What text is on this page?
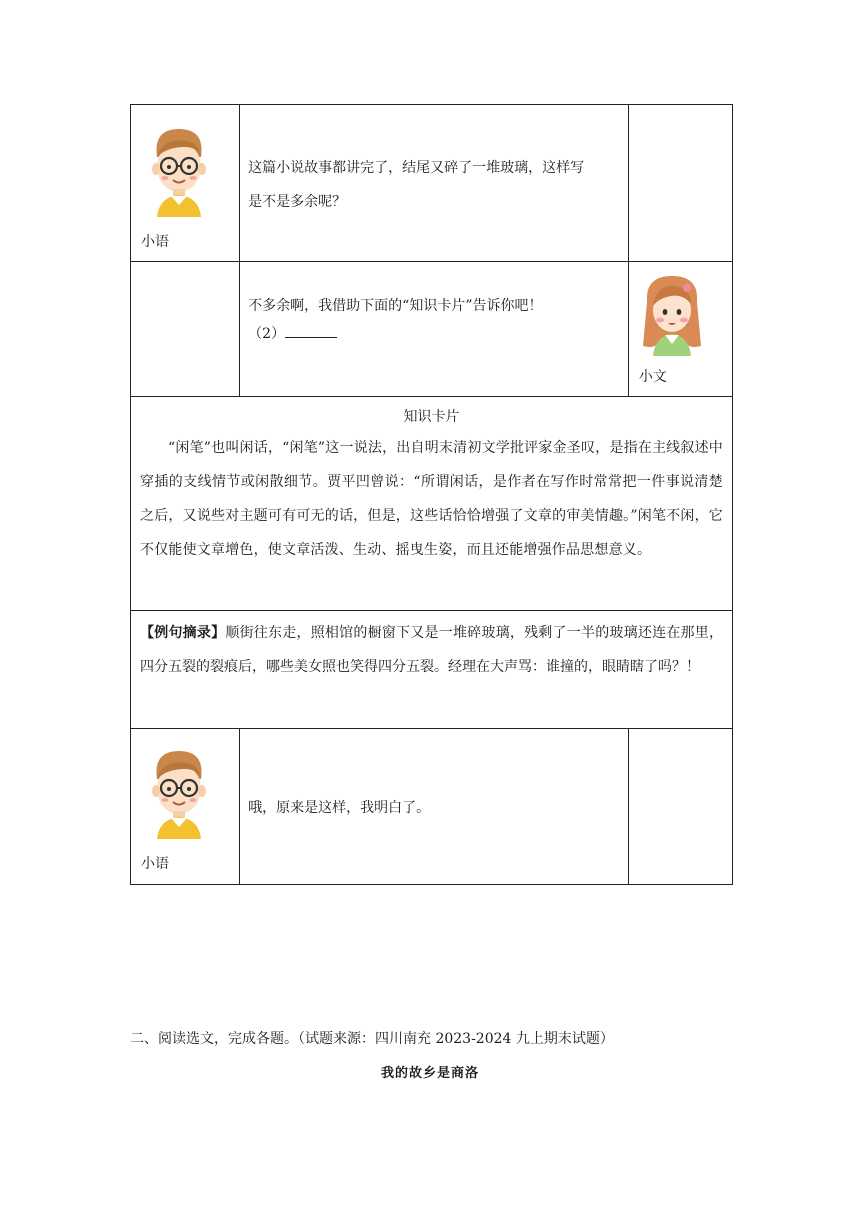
小语	这篇小说故事都讲完了，结尾又碎了一堆玻璃，这样写
是不是多余呢？	

	不多余啊，我借助下面的“知识卡片”告诉你吧！
（2）	小文

知识卡片
“闲笔”也叫闲话，“闲笔”这一说法，出自明末清初文学批评家金圣叹，是指在主线叙述中穿插的支线情节或闲散细节。贾平凹曾说：“所谓闲话，是作者在写作时常常把一件事说清楚之后，又说些对主题可有可无的话，但是，这些话恰恰增强了文章的审美情趣。”闲笔不闲，它不仅能使文章增色，使文章活泼、生动、摇曳生姿，而且还能增强作品思想意义。		

【例句摘录】顺街往东走，照相馆的橱窗下又是一堆碎玻璃，残剩了一半的玻璃还连在那里，四分五裂的裂痕后，哪些美女照也笑得四分五裂。经理在大声骂：谁撞的，眼睛瞎了吗？！		

小语	哦，原来是这样，我明白了。	

二、阅读选文，完成各题。（试题来源：四川南充 2023-2024 九上期末试题）
我的故乡是商洛
